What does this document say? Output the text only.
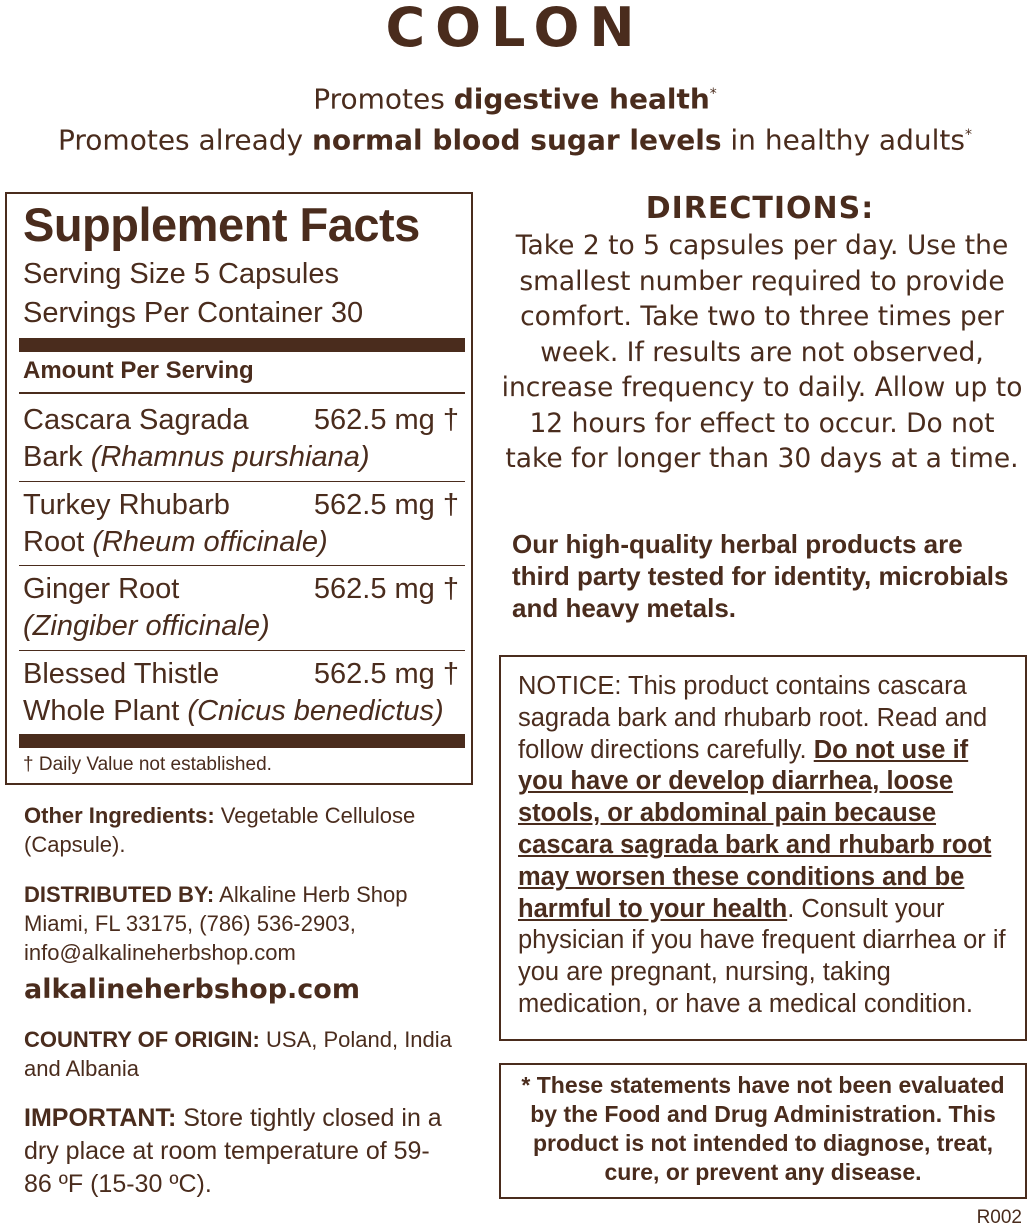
COLON
Promotes digestive health*
Promotes already normal blood sugar levels in healthy adults*
Supplement Facts
Serving Size 5 Capsules
Servings Per Container 30
Amount Per Serving
Cascara Sagrada 562.5 mg †
Bark (Rhamnus purshiana)
Turkey Rhubarb	562.5 mg †
Root (Rheum officinale)
Ginger Root	562.5 mg †
(Zingiber officinale)
Blessed Thistle	562.5 mg †
Whole Plant (Cnicus benedictus)
† Daily Value not established.
Other Ingredients: Vegetable Cellulose (Capsule).
DISTRIBUTED BY: Alkaline Herb Shop
Miami, FL 33175, (786) 536-2903,
info@alkalineherbshop.com
alkalineherbshop.com
COUNTRY OF ORIGIN: USA, Poland, India and Albania
IMPORTANT: Store tightly closed in a dry place at room temperature of 59-86 ºF (15-30 ºC).
DIRECTIONS:
Take 2 to 5 capsules per day. Use the smallest number required to provide comfort. Take two to three times per week. If results are not observed, increase frequency to daily. Allow up to 12 hours for effect to occur. Do not take for longer than 30 days at a time.
Our high-quality herbal products are third party tested for identity, microbials and heavy metals.
NOTICE: This product contains cascara sagrada bark and rhubarb root. Read and follow directions carefully. Do not use if you have or develop diarrhea, loose stools, or abdominal pain because cascara sagrada bark and rhubarb root may worsen these conditions and be harmful to your health. Consult your physician if you have frequent diarrhea or if you are pregnant, nursing, taking medication, or have a medical condition.
* These statements have not been evaluated by the Food and Drug Administration. This product is not intended to diagnose, treat, cure, or prevent any disease.
R002
